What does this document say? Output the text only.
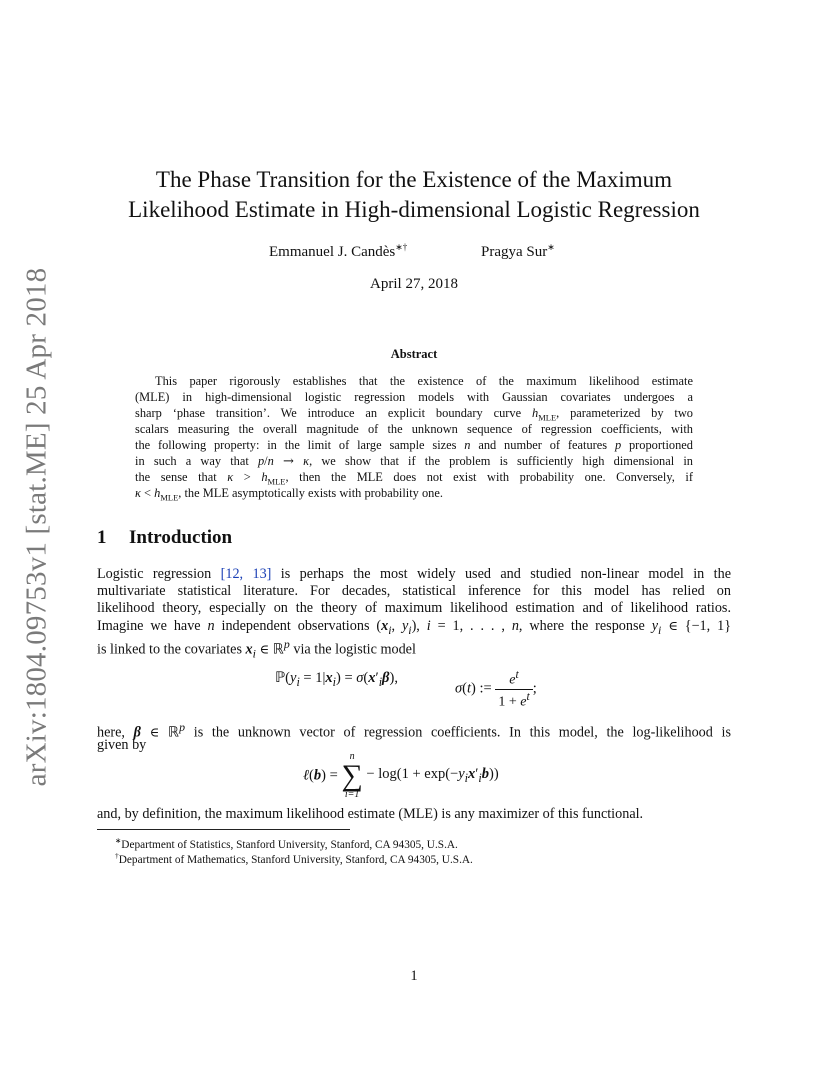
arXiv:1804.09753v1 [stat.ME] 25 Apr 2018
The Phase Transition for the Existence of the Maximum
Likelihood Estimate in High-dimensional Logistic Regression
Emmanuel J. Candès∗†	Pragya Sur∗
April 27, 2018
Abstract
This paper rigorously establishes that the existence of the maximum likelihood estimate
(MLE) in high-dimensional logistic regression models with Gaussian covariates undergoes a
sharp ‘phase transition’. We introduce an explicit boundary curve $h_{MLE}$, parameterized by two
scalars measuring the overall magnitude of the unknown sequence of regression coefficients, with
the following property: in the limit of large sample sizes n and number of features p proportioned
in such a way that p/n → κ, we show that if the problem is sufficiently high dimensional in
the sense that $\kappa > h_{MLE}$, then the MLE does not exist with probability one. Conversely, if
$\kappa < h_{MLE}$, the MLE asymptotically exists with probability one.
1 Introduction
Logistic regression [12, 13] is perhaps the most widely used and studied non-linear model in the
multivariate statistical literature. For decades, statistical inference for this model has relied on
likelihood theory, especially on the theory of maximum likelihood estimation and of likelihood ratios.
Imagine we have n independent observations ($x_i$, $y_i$), i = 1, . . . , n, where the response $y_i$ ∈ {−1, 1}
is linked to the covariates $x_i$ ∈ ℝ$^p$ via the logistic model
$ℙ(y_i = 1|x_i) = \sigma(x'_i\beta)$,
σ(t) := $\frac{e^t}{1 + e^t}$ ;
here, β ∈ ℝ$^p$ is the unknown vector of regression coefficients. In this model, the log-likelihood is
given by
ℓ(b) =
n
∑
i=1
− $\log(1 + \exp(-y_ix'_ib))$
and, by definition, the maximum likelihood estimate (MLE) is any maximizer of this functional.
∗Department of Statistics, Stanford University, Stanford, CA 94305, U.S.A.
†Department of Mathematics, Stanford University, Stanford, CA 94305, U.S.A.
1
